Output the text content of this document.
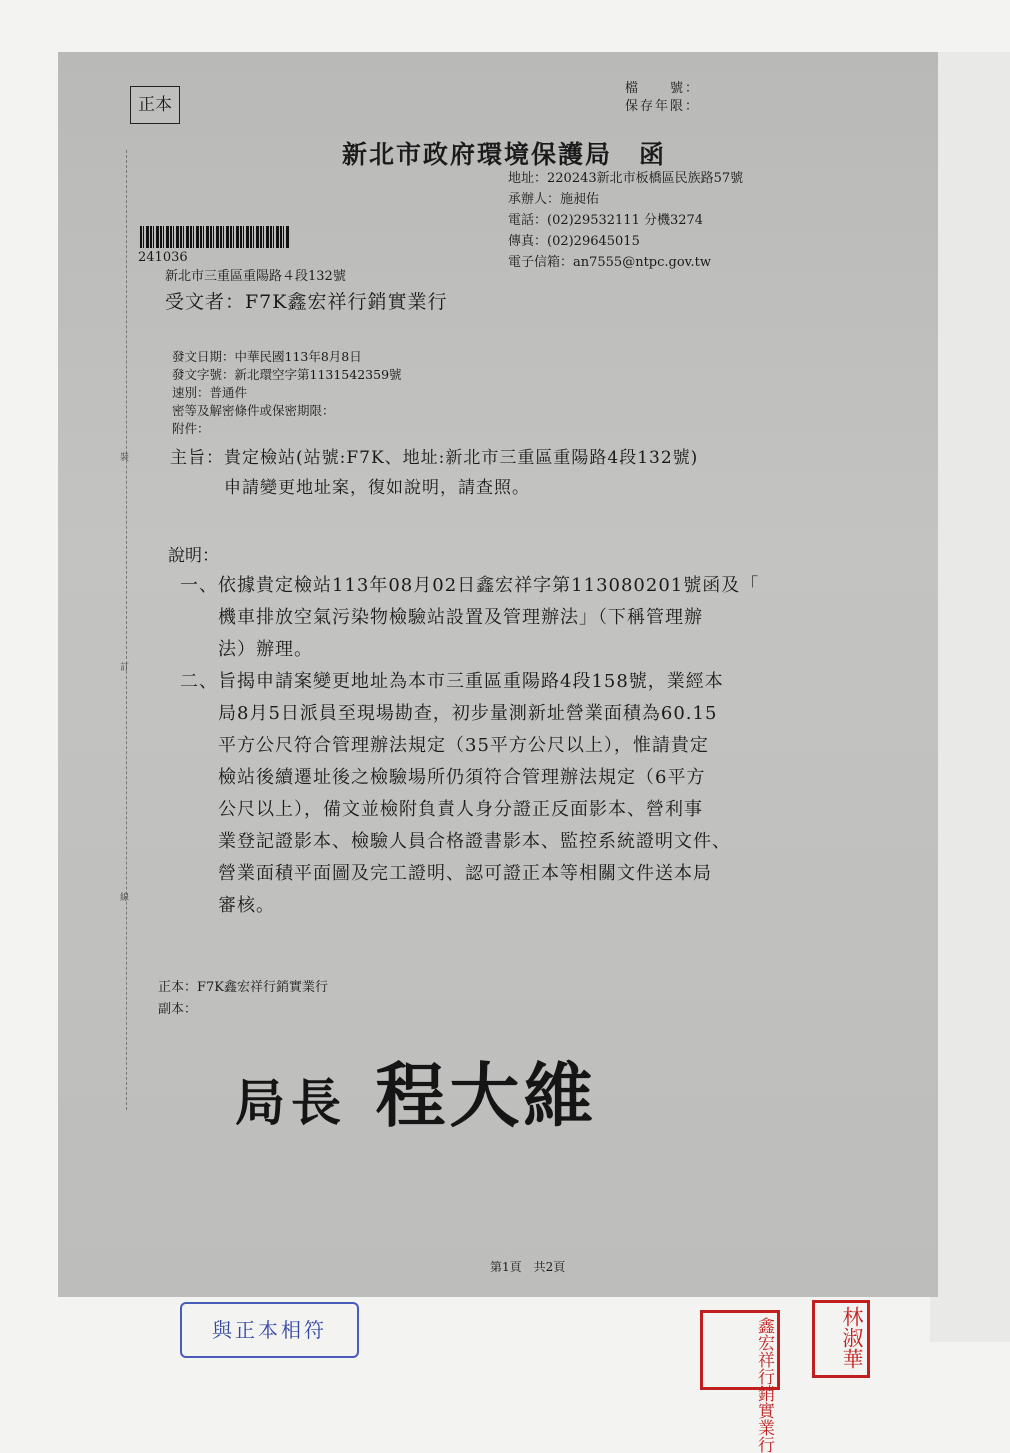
正本
檔　　號：
保存年限：
新北市政府環境保護局　函
地址：220243新北市板橋區民族路57號
承辦人：施昶佑
電話：(02)29532111 分機3274
傳真：(02)29645015
電子信箱：an7555@ntpc.gov.tw
241036
新北市三重區重陽路４段132號
受文者：F7K鑫宏祥行銷實業行
發文日期：中華民國113年8月8日
發文字號：新北環空字第1131542359號
速別：普通件
密等及解密條件或保密期限：
附件：
裝
訂
線
主旨：貴定檢站(站號:F7K、地址:新北市三重區重陽路4段132號)
　　　申請變更地址案，復如說明，請查照。
說明：
一、依據貴定檢站113年08月02日鑫宏祥字第113080201號函及「
　　機車排放空氣污染物檢驗站設置及管理辦法」（下稱管理辦
　　法）辦理。
二、旨揭申請案變更地址為本市三重區重陽路4段158號，業經本
　　局8月5日派員至現場勘查，初步量測新址營業面積為60.15
　　平方公尺符合管理辦法規定（35平方公尺以上），惟請貴定
　　檢站後續遷址後之檢驗場所仍須符合管理辦法規定（6平方
　　公尺以上），備文並檢附負責人身分證正反面影本、營利事
　　業登記證影本、檢驗人員合格證書影本、監控系統證明文件、
　　營業面積平面圖及完工證明、認可證正本等相關文件送本局
　　審核。
正本：F7K鑫宏祥行銷實業行
副本：
局長 程大維
第1頁　共2頁
與正本相符	鑫宏祥行銷實業行	林淑華
